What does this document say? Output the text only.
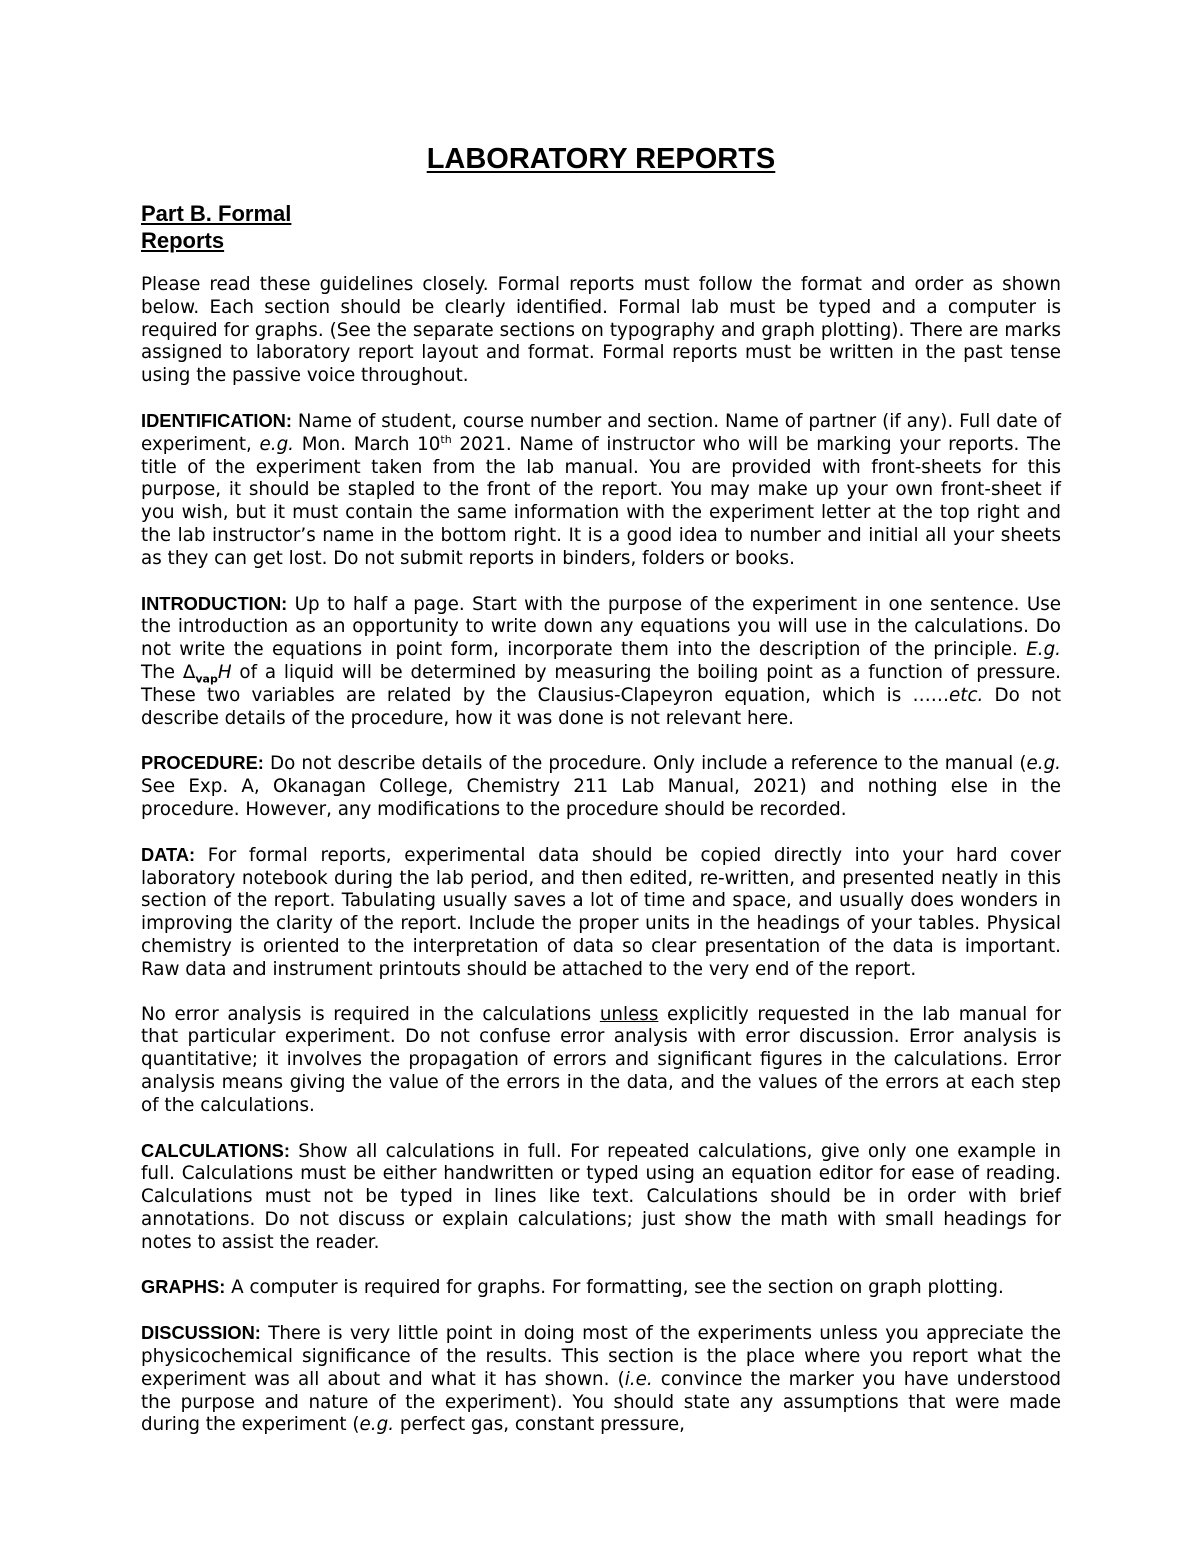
LABORATORY REPORTS
Part B. Formal Reports

Please read these guidelines closely. Formal reports must follow the format and order as shown below. Each section should be clearly identified. Formal lab must be typed and a computer is required for graphs. (See the separate sections on typography and graph plotting). There are marks assigned to laboratory report layout and format. Formal reports must be written in the past tense using the passive voice throughout.

IDENTIFICATION: Name of student, course number and section. Name of partner (if any). Full date of experiment, e.g. Mon. March 10th 2021. Name of instructor who will be marking your reports. The title of the experiment taken from the lab manual. You are provided with front-sheets for this purpose, it should be stapled to the front of the report. You may make up your own front-sheet if you wish, but it must contain the same information with the experiment letter at the top right and the lab instructor’s name in the bottom right. It is a good idea to number and initial all your sheets as they can get lost. Do not submit reports in binders, folders or books.

INTRODUCTION: Up to half a page. Start with the purpose of the experiment in one sentence. Use the introduction as an opportunity to write down any equations you will use in the calculations. Do not write the equations in point form, incorporate them into the description of the principle. E.g. The $\Delta_{vap}H$ of a liquid will be determined by measuring the boiling point as a function of pressure. These two variables are related by the Clausius-Clapeyron equation, which is ……etc. Do not describe details of the procedure, how it was done is not relevant here.

PROCEDURE: Do not describe details of the procedure. Only include a reference to the manual (e.g. See Exp. A, Okanagan College, Chemistry 211 Lab Manual, 2021) and nothing else in the procedure. However, any modifications to the procedure should be recorded.

DATA: For formal reports, experimental data should be copied directly into your hard cover laboratory notebook during the lab period, and then edited, re-written, and presented neatly in this section of the report. Tabulating usually saves a lot of time and space, and usually does wonders in improving the clarity of the report. Include the proper units in the headings of your tables. Physical chemistry is oriented to the interpretation of data so clear presentation of the data is important. Raw data and instrument printouts should be attached to the very end of the report.

No error analysis is required in the calculations unless explicitly requested in the lab manual for that particular experiment. Do not confuse error analysis with error discussion. Error analysis is quantitative; it involves the propagation of errors and significant figures in the calculations. Error analysis means giving the value of the errors in the data, and the values of the errors at each step of the calculations.

CALCULATIONS: Show all calculations in full. For repeated calculations, give only one example in full. Calculations must be either handwritten or typed using an equation editor for ease of reading. Calculations must not be typed in lines like text. Calculations should be in order with brief annotations. Do not discuss or explain calculations; just show the math with small headings for notes to assist the reader.

GRAPHS: A computer is required for graphs. For formatting, see the section on graph plotting.

DISCUSSION: There is very little point in doing most of the experiments unless you appreciate the physicochemical significance of the results. This section is the place where you report what the experiment was all about and what it has shown. (i.e. convince the marker you have understood the purpose and nature of the experiment). You should state any assumptions that were made during the experiment (e.g. perfect gas, constant pressure,
